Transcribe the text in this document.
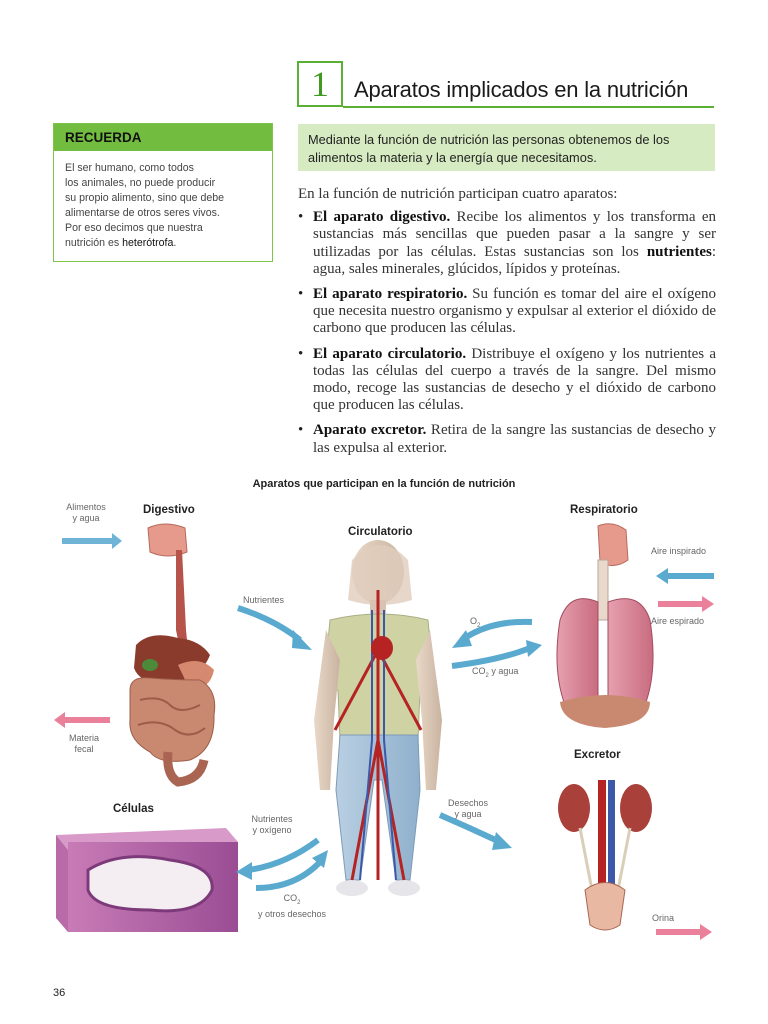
1	Aparatos implicados en la nutrición
RECUERDA
El ser humano, como todos
los animales, no puede producir
su propio alimento, sino que debe
alimentarse de otros seres vivos.
Por eso decimos que nuestra
nutrición es heterótrofa.
Mediante la función de nutrición las personas obtenemos de los alimentos la materia y la energía que necesitamos.

En la función de nutrición participan cuatro aparatos:

• El aparato digestivo. Recibe los alimentos y los transforma en sustancias más sencillas que pueden pasar a la sangre y ser utilizadas por las células. Estas sustancias son los nutrientes: agua, sales minerales, glúcidos, lípidos y proteínas.
• El aparato respiratorio. Su función es tomar del aire el oxígeno que necesita nuestro organismo y expulsar al exterior el dióxido de carbono que producen las células.
• El aparato circulatorio. Distribuye el oxígeno y los nutrientes a todas las células del cuerpo a través de la sangre. Del mismo modo, recoge las sustancias de desecho y el dióxido de carbono que producen las células.
• Aparato excretor. Retira de la sangre las sustancias de desecho y las expulsa al exterior.
Aparatos que participan en la función de nutrición
Digestivo
Circulatorio
Respiratorio
Excretor
Células
Alimentos
y agua
Nutrientes
Materia
fecal
Nutrientes
y oxígeno
$CO_2$
y otros desechos
$O_2$
$CO_2$ y agua
Aire inspirado
Aire espirado
Desechos
y agua
Orina
36
